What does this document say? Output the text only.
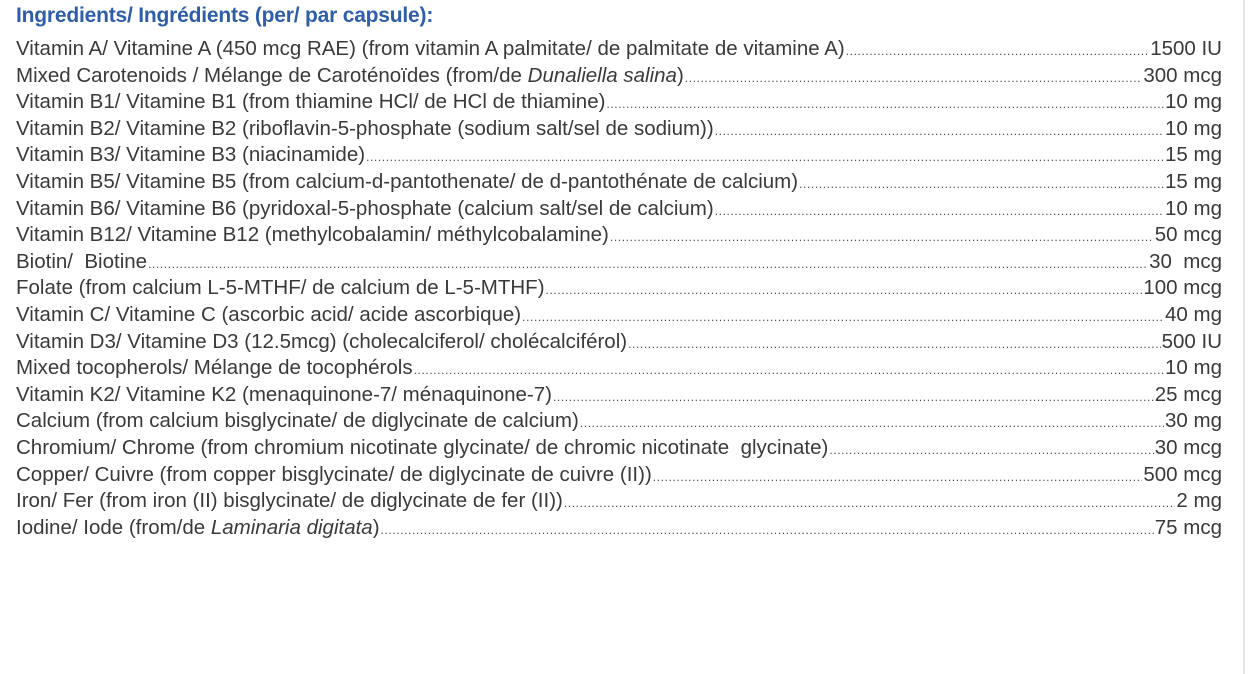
Ingredients/ Ingrédients (per/ par capsule):
Vitamin A/ Vitamine A (450 mcg RAE) (from vitamin A palmitate/ de palmitate de vitamine A) .....	1500 IU
Mixed Carotenoids / Mélange de Caroténoïdes (from/de Dunaliella salina) .....	300 mcg
Vitamin B1/ Vitamine B1 (from thiamine HCl/ de HCl de thiamine) .....	10 mg
Vitamin B2/ Vitamine B2 (riboflavin-5-phosphate (sodium salt/sel de sodium)) .....	10 mg
Vitamin B3/ Vitamine B3 (niacinamide) .....	15 mg
Vitamin B5/ Vitamine B5 (from calcium-d-pantothenate/ de d-pantothénate de calcium) .....	15 mg
Vitamin B6/ Vitamine B6 (pyridoxal-5-phosphate (calcium salt/sel de calcium) .....	10 mg
Vitamin B12/ Vitamine B12 (methylcobalamin/ méthylcobalamine) .....	50 mcg
Biotin/  Biotine .....	30  mcg
Folate (from calcium L-5-MTHF/ de calcium de L-5-MTHF) .....	100 mcg
Vitamin C/ Vitamine C (ascorbic acid/ acide ascorbique) .....	40 mg
Vitamin D3/ Vitamine D3 (12.5mcg) (cholecalciferol/ cholécalciférol) .....	500 IU
Mixed tocopherols/ Mélange de tocophérols .....	10 mg
Vitamin K2/ Vitamine K2 (menaquinone-7/ ménaquinone-7) .....	25 mcg
Calcium (from calcium bisglycinate/ de diglycinate de calcium) .....	30 mg
Chromium/ Chrome (from chromium nicotinate glycinate/ de chromic nicotinate  glycinate) .....	30 mcg
Copper/ Cuivre (from copper bisglycinate/ de diglycinate de cuivre (II)) .....	500 mcg
Iron/ Fer (from iron (II) bisglycinate/ de diglycinate de fer (II)) .....	2 mg
Iodine/ Iode (from/de Laminaria digitata) .....	75 mcg
